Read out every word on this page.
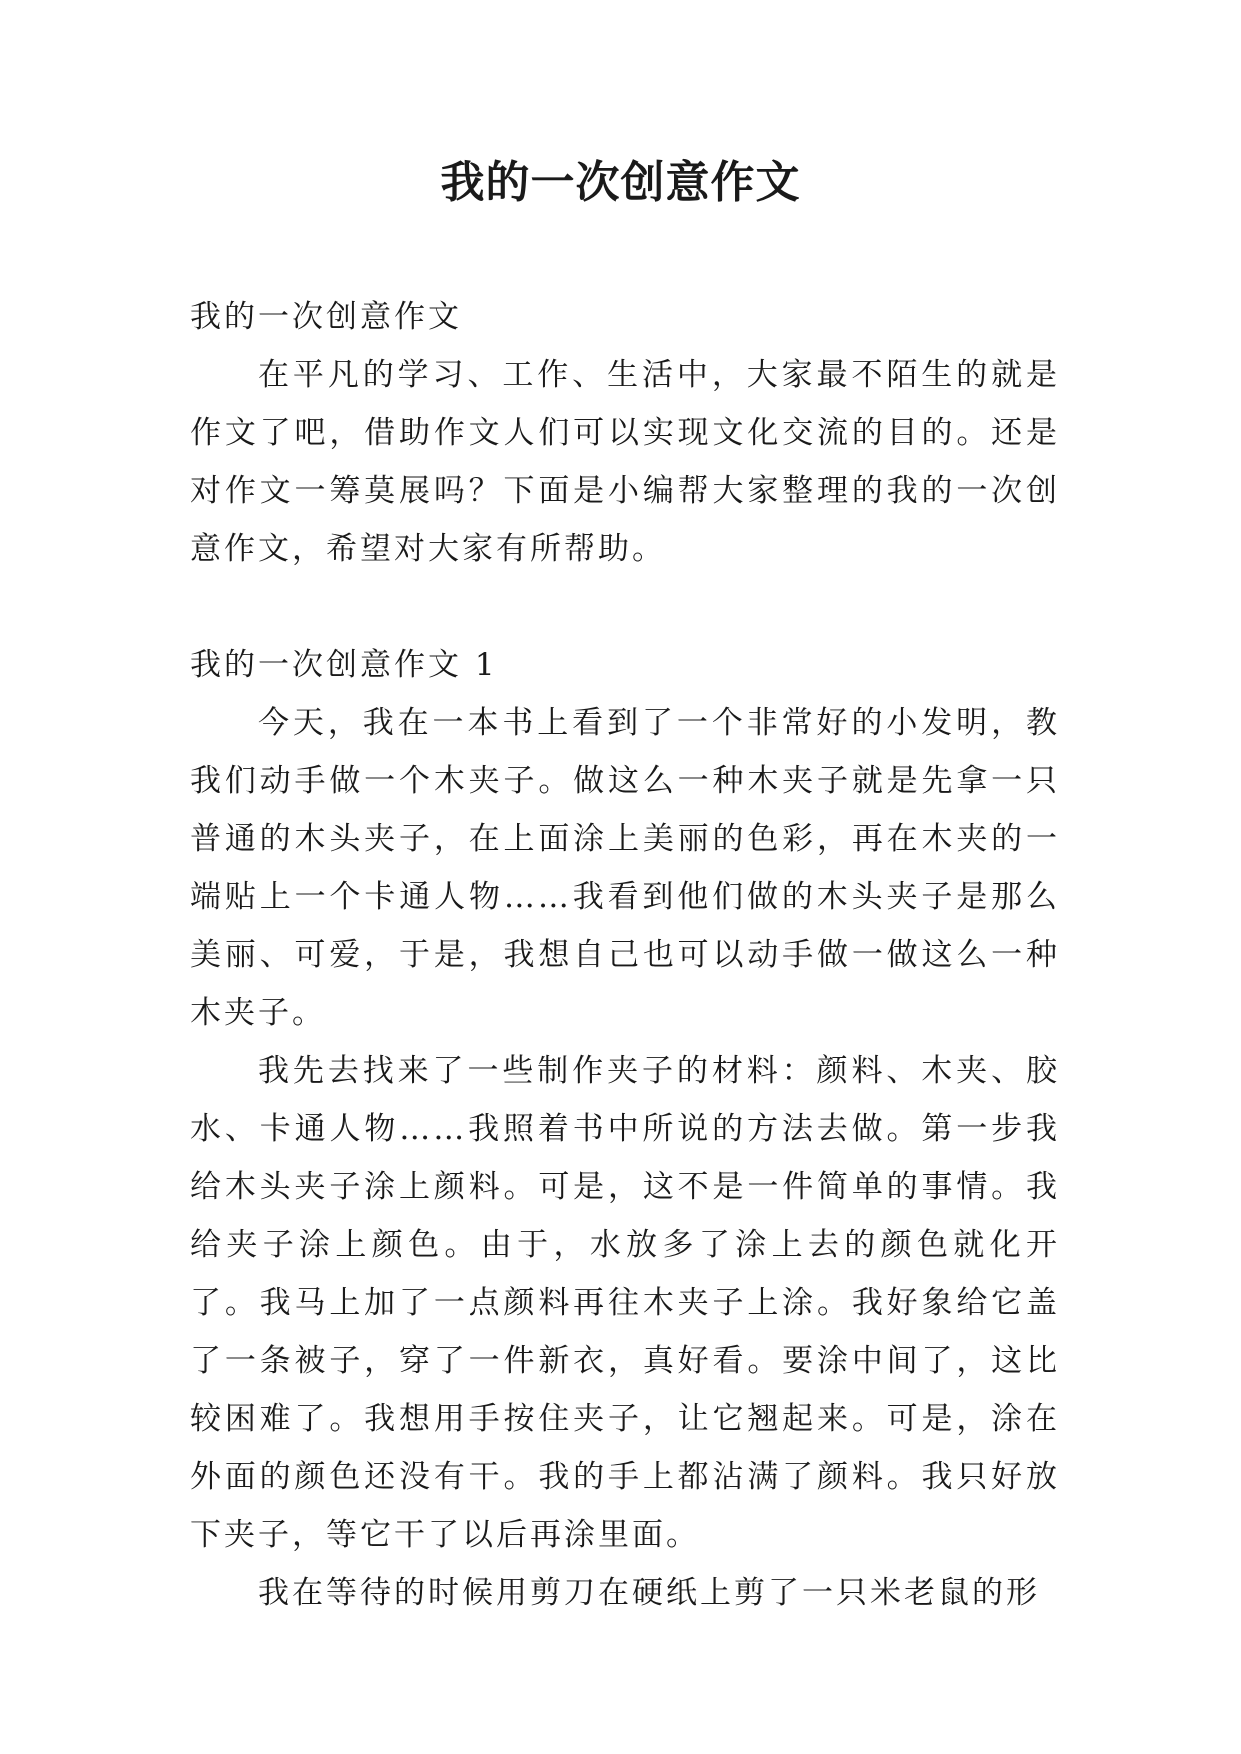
我的一次创意作文

我的一次创意作文

在平凡的学习、工作、生活中，大家最不陌生的就是作文了吧，借助作文人们可以实现文化交流的目的。还是对作文一筹莫展吗？下面是小编帮大家整理的我的一次创意作文，希望对大家有所帮助。

我的一次创意作文 1

今天，我在一本书上看到了一个非常好的小发明，教我们动手做一个木夹子。做这么一种木夹子就是先拿一只普通的木头夹子，在上面涂上美丽的色彩，再在木夹的一端贴上一个卡通人物……我看到他们做的木头夹子是那么美丽、可爱，于是，我想自己也可以动手做一做这么一种木夹子。

我先去找来了一些制作夹子的材料：颜料、木夹、胶水、卡通人物……我照着书中所说的方法去做。第一步我给木头夹子涂上颜料。可是，这不是一件简单的事情。我给夹子涂上颜色。由于，水放多了涂上去的颜色就化开了。我马上加了一点颜料再往木夹子上涂。我好象给它盖了一条被子，穿了一件新衣，真好看。要涂中间了，这比较困难了。我想用手按住夹子，让它翘起来。可是，涂在外面的颜色还没有干。我的手上都沾满了颜料。我只好放下夹子，等它干了以后再涂里面。

我在等待的时候用剪刀在硬纸上剪了一只米老鼠的形
